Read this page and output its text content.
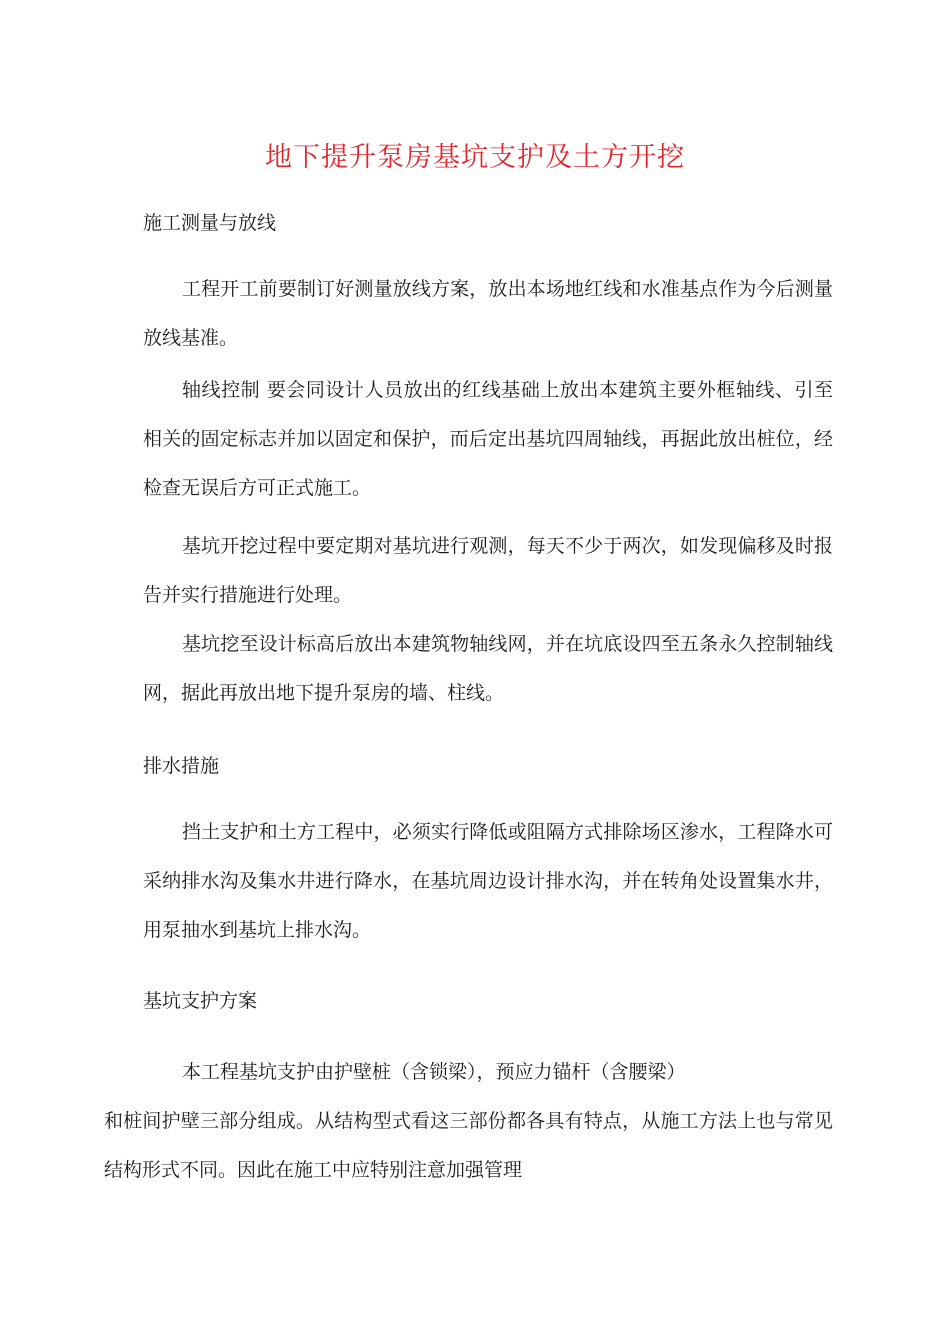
地下提升泵房基坑支护及土方开挖
施工测量与放线
工程开工前要制订好测量放线方案，放出本场地红线和水准基点作为今后测量放线基准。
轴线控制 要会同设计人员放出的红线基础上放出本建筑主要外框轴线、引至相关的固定标志并加以固定和保护，而后定出基坑四周轴线，再据此放出桩位，经检查无误后方可正式施工。
基坑开挖过程中要定期对基坑进行观测，每天不少于两次，如发现偏移及时报告并实行措施进行处理。
基坑挖至设计标高后放出本建筑物轴线网，并在坑底设四至五条永久控制轴线网，据此再放出地下提升泵房的墙、柱线。
排水措施
挡土支护和土方工程中，必须实行降低或阻隔方式排除场区渗水，工程降水可采纳排水沟及集水井进行降水，在基坑周边设计排水沟，并在转角处设置集水井，用泵抽水到基坑上排水沟。
基坑支护方案
本工程基坑支护由护壁桩（含锁梁），预应力锚杆（含腰梁）
和桩间护壁三部分组成。从结构型式看这三部份都各具有特点，从施工方法上也与常见结构形式不同。因此在施工中应特别注意加强管理
